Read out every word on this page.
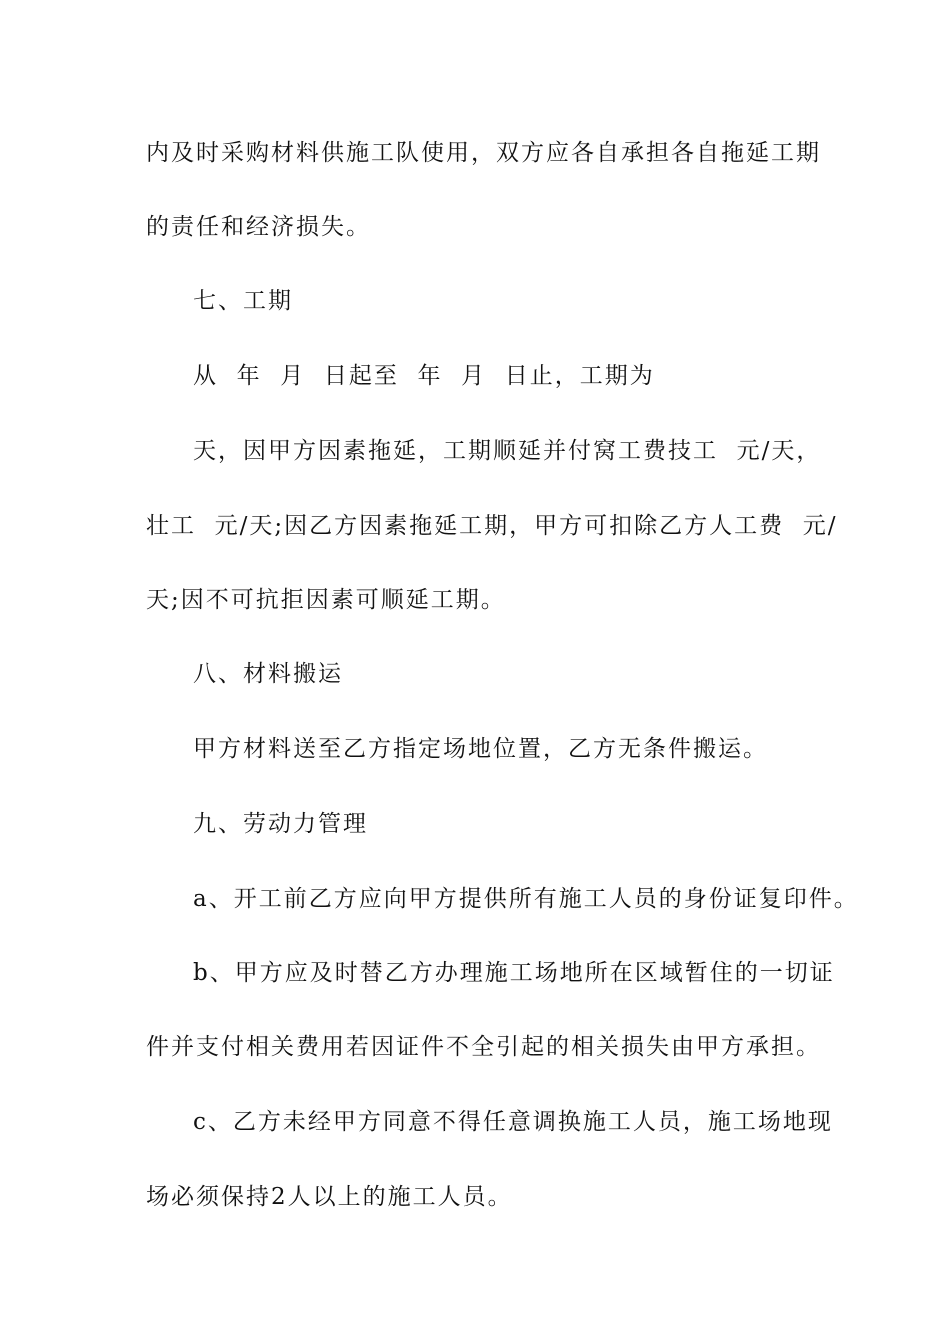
内及时采购材料供施工队使用，双方应各自承担各自拖延工期
的责任和经济损失。
七、工期
从  年  月  日起至  年  月  日止，工期为
天，因甲方因素拖延，工期顺延并付窝工费技工  元/天，
壮工  元/天;因乙方因素拖延工期，甲方可扣除乙方人工费  元/
天;因不可抗拒因素可顺延工期。
八、材料搬运
甲方材料送至乙方指定场地位置，乙方无条件搬运。
九、劳动力管理
a、开工前乙方应向甲方提供所有施工人员的身份证复印件。
b、甲方应及时替乙方办理施工场地所在区域暂住的一切证
件并支付相关费用若因证件不全引起的相关损失由甲方承担。
c、乙方未经甲方同意不得任意调换施工人员，施工场地现
场必须保持2人以上的施工人员。
